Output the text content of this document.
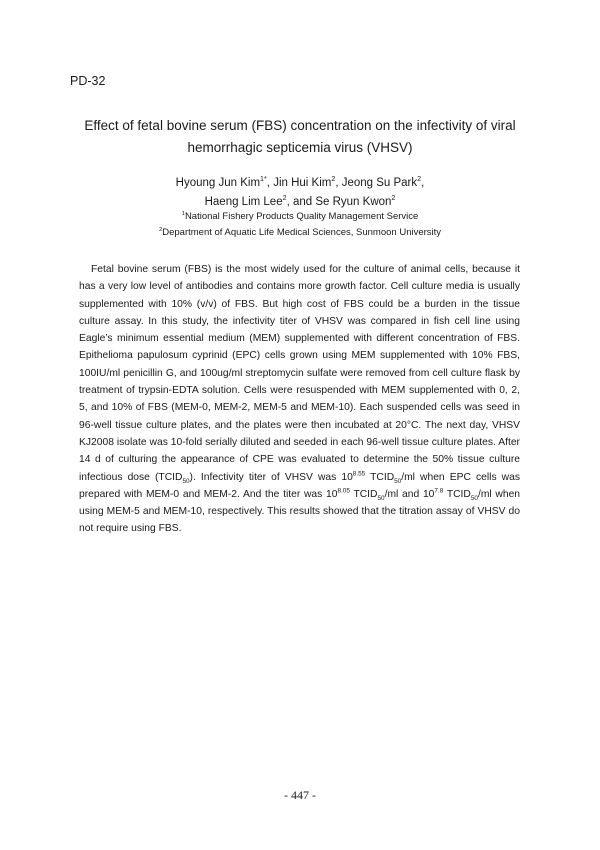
PD-32
Effect of fetal bovine serum (FBS) concentration on the infectivity of viral
hemorrhagic septicemia virus (VHSV)
Hyoung Jun Kim$^{1*}$, Jin Hui Kim$^2$, Jeong Su Park$^2$,
Haeng Lim Lee$^2$, and Se Ryun Kwon$^2$
$^1$National Fishery Products Quality Management Service
$^2$Department of Aquatic Life Medical Sciences, Sunmoon University
Fetal bovine serum (FBS) is the most widely used for the culture of animal cells, because it has a very low level of antibodies and contains more growth factor. Cell culture media is usually supplemented with 10% (v/v) of FBS. But high cost of FBS could be a burden in the tissue culture assay. In this study, the infectivity titer of VHSV was compared in fish cell line using Eagle’s minimum essential medium (MEM) supplemented with different concentration of FBS. Epithelioma papulosum cyprinid (EPC) cells grown using MEM supplemented with 10% FBS, 100IU/ml penicillin G, and 100ug/ml streptomycin sulfate were removed from cell culture flask by treatment of trypsin-EDTA solution. Cells were resuspended with MEM supplemented with 0, 2, 5, and 10% of FBS (MEM-0, MEM-2, MEM-5 and MEM-10). Each suspended cells was seed in 96-well tissue culture plates, and the plates were then incubated at 20°C. The next day, VHSV KJ2008 isolate was 10-fold serially diluted and seeded in each 96-well tissue culture plates. After 14 d of culturing the appearance of CPE was evaluated to determine the 50% tissue culture infectious dose $(TCID_{50})$. Infectivity titer of VHSV was $10^{8.55}$ $TCID_{50}/ml$ when EPC cells was prepared with MEM-0 and MEM-2. And the titer was $10^{8.05}$ $TCID_{50}/ml$ and $10^{7.8}$ $TCID_{50}/ml$ when using MEM-5 and MEM-10, respectively. This results showed that the titration assay of VHSV do not require using FBS.
- 447 -
